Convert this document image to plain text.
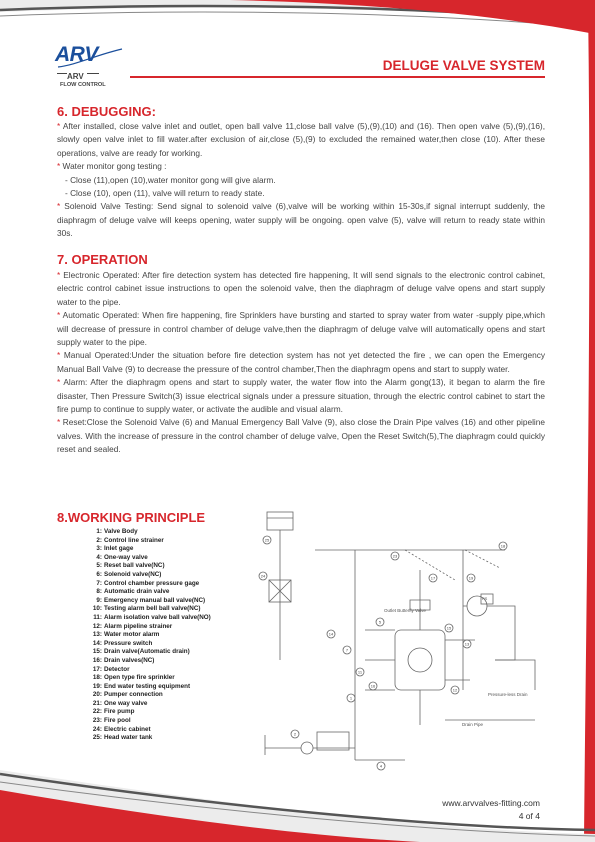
ARV
ARV
FLOW CONTROL
DELUGE VALVE SYSTEM
6. DEBUGGING:
* After installed, close valve inlet and outlet, open ball valve 11,close ball valve (5),(9),(10) and (16). Then open valve (5),(9),(16), slowly open valve inlet to fill water.after exclusion of air,close (5),(9) to excluded the remained water,then close (10). After these operations, valve are ready for working.
* Water monitor gong testing :
- Close (11),open (10),water monitor gong will give alarm.
- Close (10), open (11), valve will return to ready state.
* Solenoid Valve Testing: Send signal to solenoid valve (6),valve will be working within 15-30s,if signal interrupt suddenly, the diaphragm of deluge valve will keeps opening, water supply will be ongoing. open valve (5), valve will return to ready state within 30s.
7. OPERATION
* Electronic Operated: After fire detection system has detected fire happening, It will send signals to the electronic control cabinet, electric control cabinet issue instructions to open the solenoid valve, then the diaphragm of deluge valve opens and start supply water to the pipe.
* Automatic Operated: When fire happening, fire Sprinklers have bursting and started to spray water from water -supply pipe,which will decrease of pressure in control chamber of deluge valve,then the diaphragm of deluge valve will automatically opens and start supply water to the pipe.
* Manual Operated:Under the situation before fire detection system has not yet detected the fire , we can open the Emergency Manual Ball Valve (9) to decrease the pressure of the control chamber,Then the diaphragm opens and start to supply water.
* Alarm: After the diaphragm opens and start to supply water, the water flow into the Alarm gong(13), it began to alarm the fire disaster, Then Pressure Switch(3) issue electrical signals under a pressure situation, through the electric control cabinet to start the fire pump to continue to supply water, or activate the audible and visual alarm.
* Reset:Close the Solenoid Valve (6) and Manual Emergency Ball Valve (9), also close the Drain Pipe valves (16) and other pipeline valves. With the increase of pressure in the control chamber of deluge valve, Open the Reset Switch(5),The diaphragm could quickly reset and sealed.
8.WORKING PRINCIPLE
1: Valve Body
2: Control line strainer
3: Inlet gage
4: One-way valve
5: Reset ball valve(NC)
6: Solenoid valve(NC)
7: Control chamber pressure gage
8: Automatic drain valve
9: Emergency manual ball valve(NC)
10: Testing alarm bell ball valve(NC)
11: Alarm isolation valve ball valve(NO)
12: Alarm pipeline strainer
13: Water motor alarm
14: Pressure switch
15: Drain valve(Automatic drain)
16: Drain valves(NC)
17: Detector
18: Open type fire sprinkler
19: End water testing equipment
20: Pumper connection
21: One way valve
22: Fire pump
23: Fire pool
24: Electric cabinet
25: Head water tank
25
23
18
17	19
24
14
7
5
15
13
11
16
12
1
2
4
Outlet Butterfly Valve
Pressure-less Drain
Drain Pipe
PS
www.arvvalves-fitting.com
4 of 4
